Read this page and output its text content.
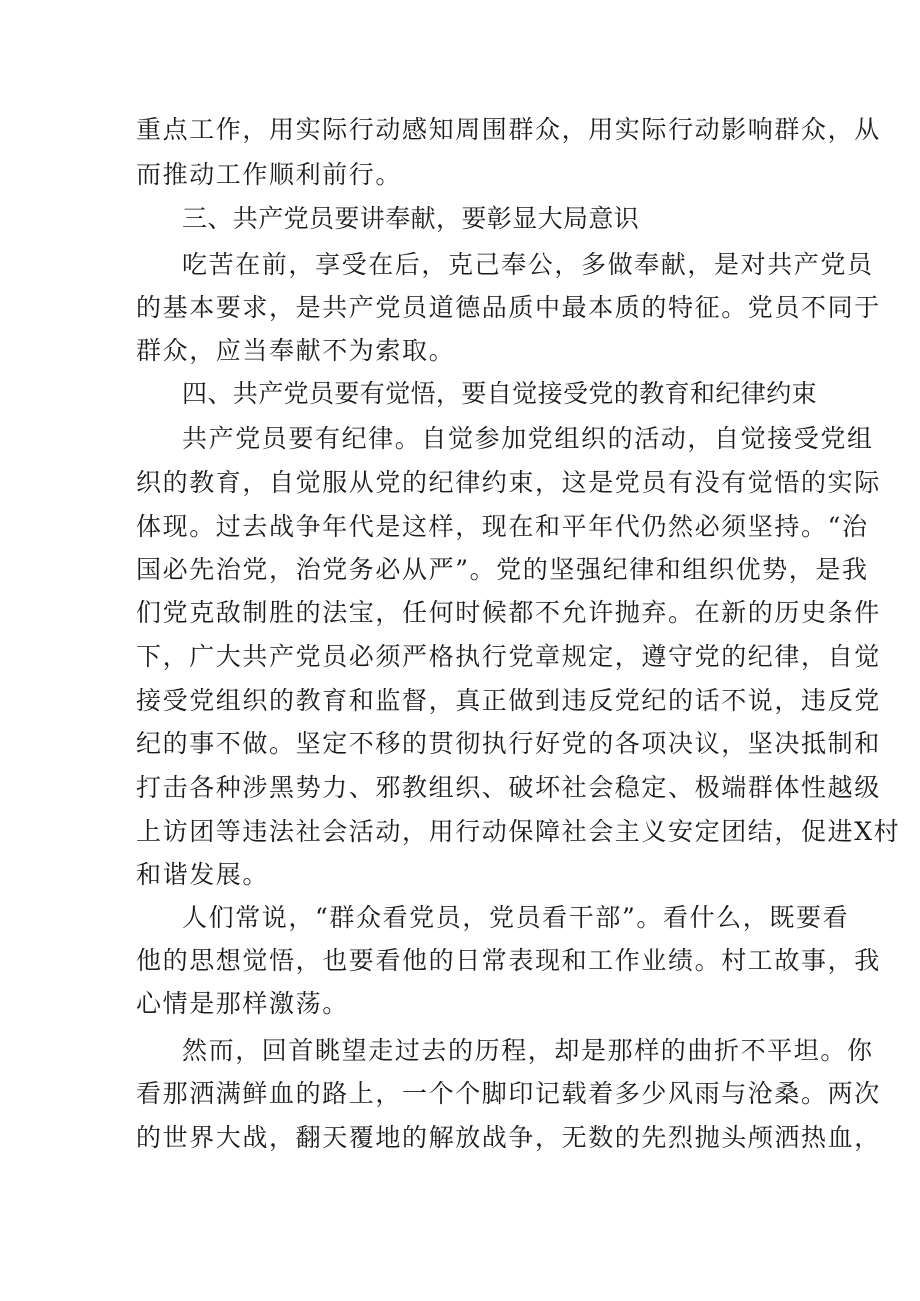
重点工作，用实际行动感知周围群众，用实际行动影响群众，从
而推动工作顺利前行。
三、共产党员要讲奉献，要彰显大局意识
吃苦在前，享受在后，克己奉公，多做奉献，是对共产党员
的基本要求，是共产党员道德品质中最本质的特征。党员不同于
群众，应当奉献不为索取。
四、共产党员要有觉悟，要自觉接受党的教育和纪律约束
共产党员要有纪律。自觉参加党组织的活动，自觉接受党组
织的教育，自觉服从党的纪律约束，这是党员有没有觉悟的实际
体现。过去战争年代是这样，现在和平年代仍然必须坚持。“治
国必先治党，治党务必从严”。党的坚强纪律和组织优势，是我
们党克敌制胜的法宝，任何时候都不允许抛弃。在新的历史条件
下，广大共产党员必须严格执行党章规定，遵守党的纪律，自觉
接受党组织的教育和监督，真正做到违反党纪的话不说，违反党
纪的事不做。坚定不移的贯彻执行好党的各项决议，坚决抵制和
打击各种涉黑势力、邪教组织、破坏社会稳定、极端群体性越级
上访团等违法社会活动，用行动保障社会主义安定团结，促进X村
和谐发展。
人们常说，“群众看党员，党员看干部”。看什么，既要看
他的思想觉悟，也要看他的日常表现和工作业绩。村工故事，我
心情是那样激荡。
然而，回首眺望走过去的历程，却是那样的曲折不平坦。你
看那洒满鲜血的路上，一个个脚印记载着多少风雨与沧桑。两次
的世界大战，翻天覆地的解放战争，无数的先烈抛头颅洒热血，
